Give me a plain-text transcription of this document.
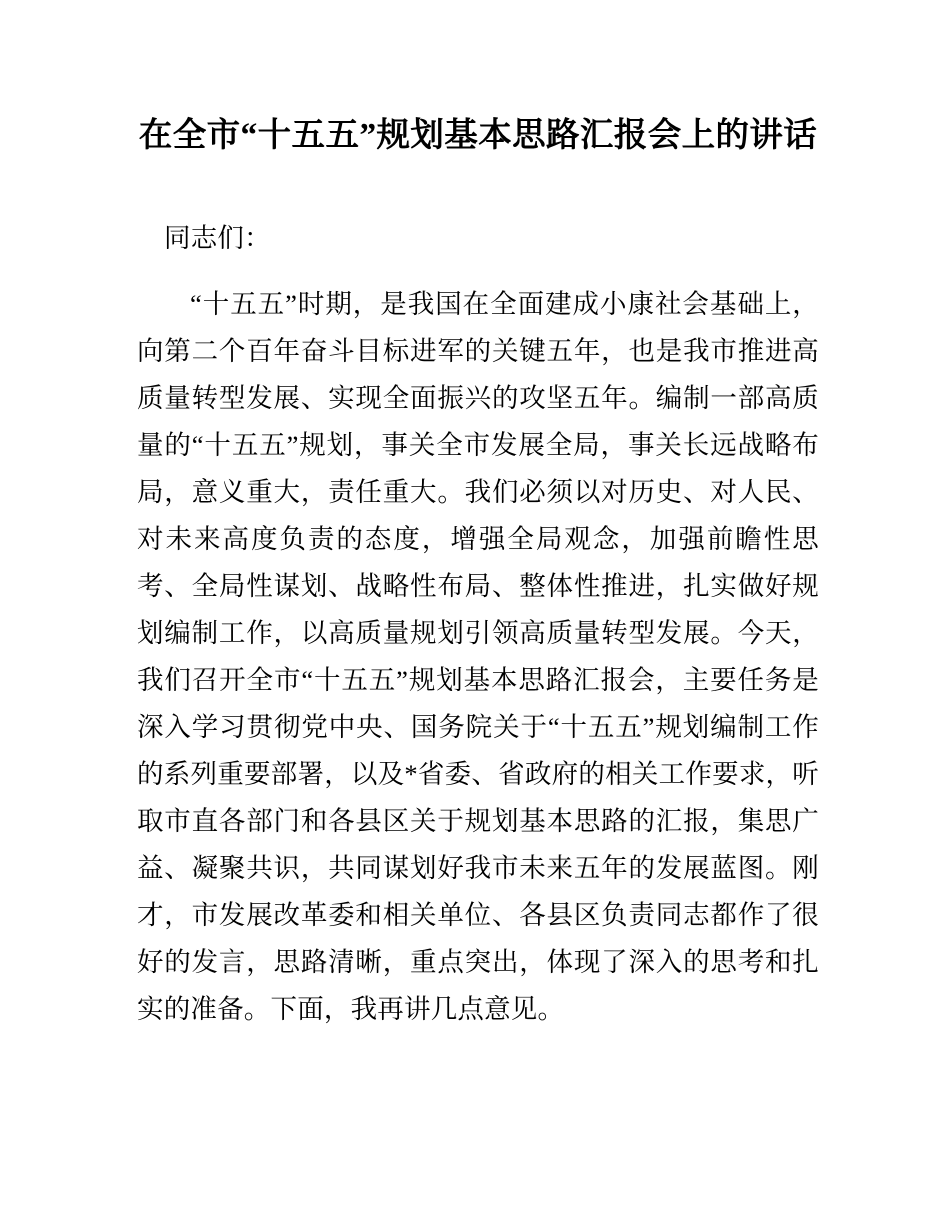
在全市“十五五”规划基本思路汇报会上的讲话

同志们：

“十五五”时期，是我国在全面建成小康社会基础上，向第二个百年奋斗目标进军的关键五年，也是我市推进高质量转型发展、实现全面振兴的攻坚五年。编制一部高质量的“十五五”规划，事关全市发展全局，事关长远战略布局，意义重大，责任重大。我们必须以对历史、对人民、对未来高度负责的态度，增强全局观念，加强前瞻性思考、全局性谋划、战略性布局、整体性推进，扎实做好规划编制工作，以高质量规划引领高质量转型发展。今天，我们召开全市“十五五”规划基本思路汇报会，主要任务是深入学习贯彻党中央、国务院关于“十五五”规划编制工作的系列重要部署，以及*省委、省政府的相关工作要求，听取市直各部门和各县区关于规划基本思路的汇报，集思广益、凝聚共识，共同谋划好我市未来五年的发展蓝图。刚才，市发展改革委和相关单位、各县区负责同志都作了很好的发言，思路清晰，重点突出，体现了深入的思考和扎实的准备。下面，我再讲几点意见。
